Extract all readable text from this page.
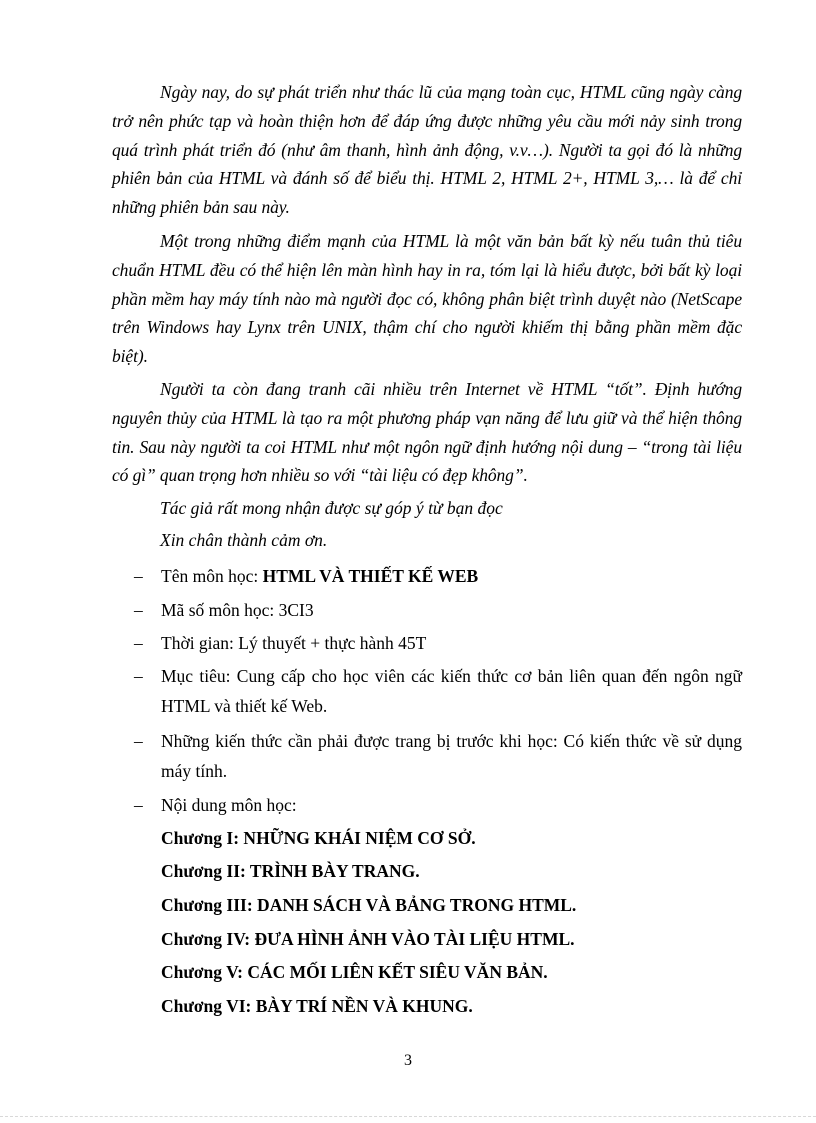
Ngày nay, do sự phát triển như thác lũ của mạng toàn cục, HTML cũng ngày càng trở nên phức tạp và hoàn thiện hơn để đáp ứng được những yêu cầu mới nảy sinh trong quá trình phát triển đó (như âm thanh, hình ảnh động, v.v…). Người ta gọi đó là những phiên bản của HTML và đánh số để biểu thị. HTML 2, HTML 2+, HTML 3,… là để chỉ những phiên bản sau này.

Một trong những điểm mạnh của HTML là một văn bản bất kỳ nếu tuân thủ tiêu chuẩn HTML đều có thể hiện lên màn hình hay in ra, tóm lại là hiểu được, bởi bất kỳ loại phần mềm hay máy tính nào mà người đọc có, không phân biệt trình duyệt nào (NetScape trên Windows hay Lynx trên UNIX, thậm chí cho người khiếm thị bằng phần mềm đặc biệt).

Người ta còn đang tranh cãi nhiều trên Internet về HTML “tốt”. Định hướng nguyên thủy của HTML là tạo ra một phương pháp vạn năng để lưu giữ và thể hiện thông tin. Sau này người ta coi HTML như một ngôn ngữ định hướng nội dung – “trong tài liệu có gì” quan trọng hơn nhiều so với “tài liệu có đẹp không”.

Tác giả rất mong nhận được sự góp ý từ bạn đọc

Xin chân thành cảm ơn.

–	Tên môn học: HTML VÀ THIẾT KẾ WEB
–	Mã số môn học: 3CI3
–	Thời gian: Lý thuyết + thực hành 45T
–	Mục tiêu: Cung cấp cho học viên các kiến thức cơ bản liên quan đến ngôn ngữ HTML và thiết kế Web.
–	Những kiến thức cần phải được trang bị trước khi học: Có kiến thức về sử dụng máy tính.
–	Nội dung môn học:
Chương I: NHỮNG KHÁI NIỆM CƠ SỞ.
Chương II: TRÌNH BÀY TRANG.
Chương III: DANH SÁCH VÀ BẢNG TRONG HTML.
Chương IV: ĐƯA HÌNH ẢNH VÀO TÀI LIỆU HTML.
Chương V: CÁC MỐI LIÊN KẾT SIÊU VĂN BẢN.
Chương VI: BÀY TRÍ NỀN VÀ KHUNG.
3
